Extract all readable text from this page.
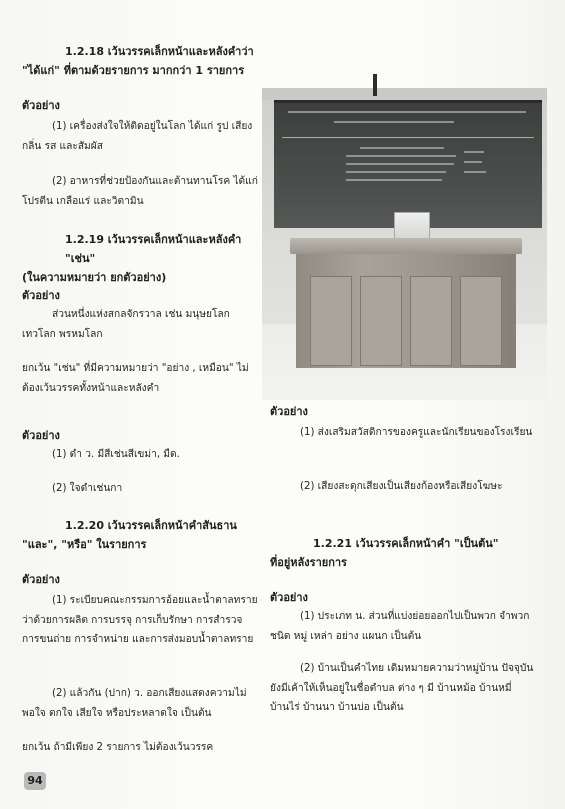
1.2.18 เว้นวรรคเล็กหน้าและหลังคำว่า

"ได้แก่" ที่ตามด้วยรายการ มากกว่า 1 รายการ

ตัวอย่าง

(1) เครื่องส่งใจให้ติดอยู่ในโลก ได้แก่ รูป เสียง กลิ่น รส และสัมผัส

(2) อาหารที่ช่วยป้องกันและต้านทานโรค ได้แก่ โปรตีน เกลือแร่ และวิตามิน

1.2.19 เว้นวรรคเล็กหน้าและหลังคำ "เช่น"

(ในความหมายว่า ยกตัวอย่าง)

ตัวอย่าง

ส่วนหนึ่งแห่งสกลจักรวาล เช่น มนุษยโลก เทวโลก พรหมโลก

ยกเว้น "เช่น" ที่มีความหมายว่า "อย่าง , เหมือน" ไม่ต้องเว้นวรรคทั้งหน้าและหลังคำ

ตัวอย่าง

(1) ดำ ว. มีสีเช่นสีเขม่า, มืด.

(2) ใจดำเช่นกา

1.2.20 เว้นวรรคเล็กหน้าคำสันธาน

"และ", "หรือ" ในรายการ

ตัวอย่าง

(1) ระเบียบคณะกรรมการอ้อยและน้ำตาลทรายว่าด้วยการผลิต การบรรจุ การเก็บรักษา การสำรวจ การขนถ่าย การจำหน่าย และการส่งมอบน้ำตาลทราย

(2) แล้วกัน (ปาก) ว. ออกเสียงแสดงความไม่พอใจ ตกใจ เสียใจ หรือประหลาดใจ เป็นต้น

ยกเว้น ถ้ามีเพียง 2 รายการ ไม่ต้องเว้นวรรค

ตัวอย่าง

(1) ส่งเสริมสวัสดิการของครูและนักเรียนของโรงเรียน

(2) เสียงสะดุกเสียงเป็นเสียงก้องหรือเสียงโฆษะ

1.2.21 เว้นวรรคเล็กหน้าคำ "เป็นต้น"

ที่อยู่หลังรายการ

ตัวอย่าง

(1) ประเภท น. ส่วนที่แบ่งย่อยออกไปเป็นพวก จำพวก ชนิด หมู่ เหล่า อย่าง แผนก เป็นต้น

(2) บ้านเป็นคำไทย เดิมหมายความว่าหมู่บ้าน ปัจจุบันยังมีเค้าให้เห็นอยู่ในชื่อตำบล ต่าง ๆ มี บ้านหม้อ บ้านหมี่ บ้านไร่ บ้านนา บ้านบ่อ เป็นต้น

94
